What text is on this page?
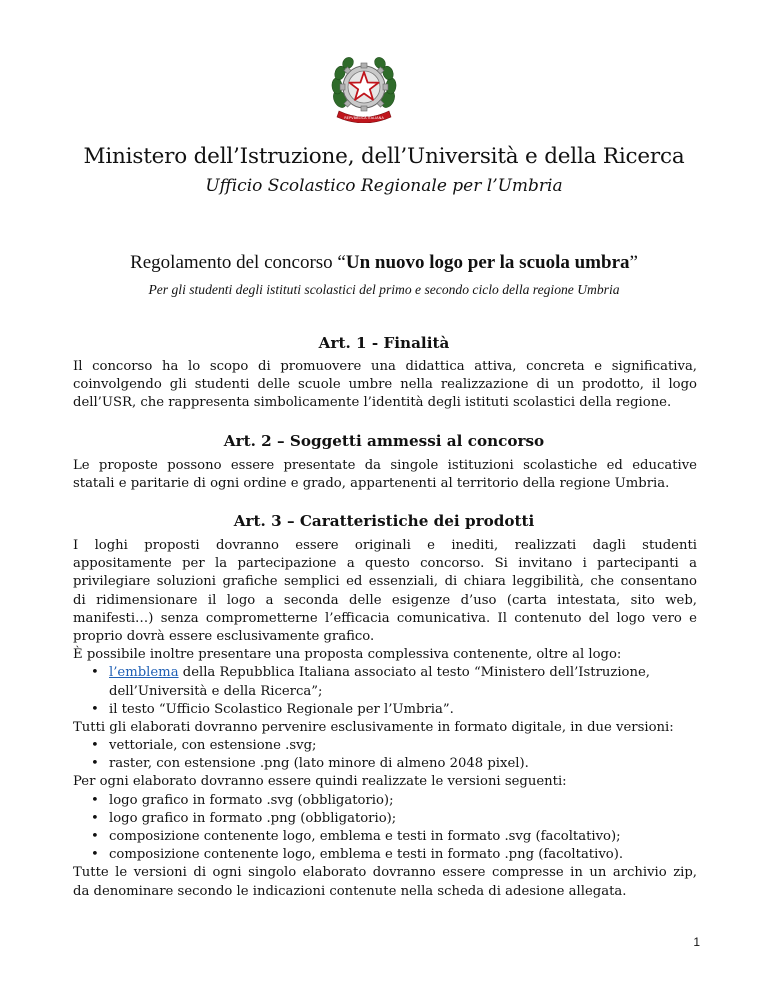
REPVBBLICA ITALIANA
Ministero dell’Istruzione, dell’Università e della Ricerca
Ufficio Scolastico Regionale per l’Umbria
Regolamento del concorso “Un nuovo logo per la scuola umbra”
Per gli studenti degli istituti scolastici del primo e secondo ciclo della regione Umbria
Art. 1 - Finalità
Il concorso ha lo scopo di promuovere una didattica attiva, concreta e significativa,
coinvolgendo gli studenti delle scuole umbre nella realizzazione di un prodotto, il logo
dell’USR, che rappresenta simbolicamente l’identità degli istituti scolastici della regione.
Art. 2 – Soggetti ammessi al concorso
Le proposte possono essere presentate da singole istituzioni scolastiche ed educative
statali e paritarie di ogni ordine e grado, appartenenti al territorio della regione Umbria.
Art. 3 – Caratteristiche dei prodotti
I loghi proposti dovranno essere originali e inediti, realizzati dagli studenti
appositamente per la partecipazione a questo concorso. Si invitano i partecipanti a
privilegiare soluzioni grafiche semplici ed essenziali, di chiara leggibilità, che consentano
di ridimensionare il logo a seconda delle esigenze d’uso (carta intestata, sito web,
manifesti…) senza comprometterne l’efficacia comunicativa. Il contenuto del logo vero e
proprio dovrà essere esclusivamente grafico.
È possibile inoltre presentare una proposta complessiva contenente, oltre al logo:
• l’emblema della Repubblica Italiana associato al testo “Ministero dell’Istruzione,
dell’Università e della Ricerca”;
• il testo “Ufficio Scolastico Regionale per l’Umbria”.
Tutti gli elaborati dovranno pervenire esclusivamente in formato digitale, in due versioni:
• vettoriale, con estensione .svg;
• raster, con estensione .png (lato minore di almeno 2048 pixel).
Per ogni elaborato dovranno essere quindi realizzate le versioni seguenti:
• logo grafico in formato .svg (obbligatorio);
• logo grafico in formato .png (obbligatorio);
• composizione contenente logo, emblema e testi in formato .svg (facoltativo);
• composizione contenente logo, emblema e testi in formato .png (facoltativo).
Tutte le versioni di ogni singolo elaborato dovranno essere compresse in un archivio zip,
da denominare secondo le indicazioni contenute nella scheda di adesione allegata.
1
